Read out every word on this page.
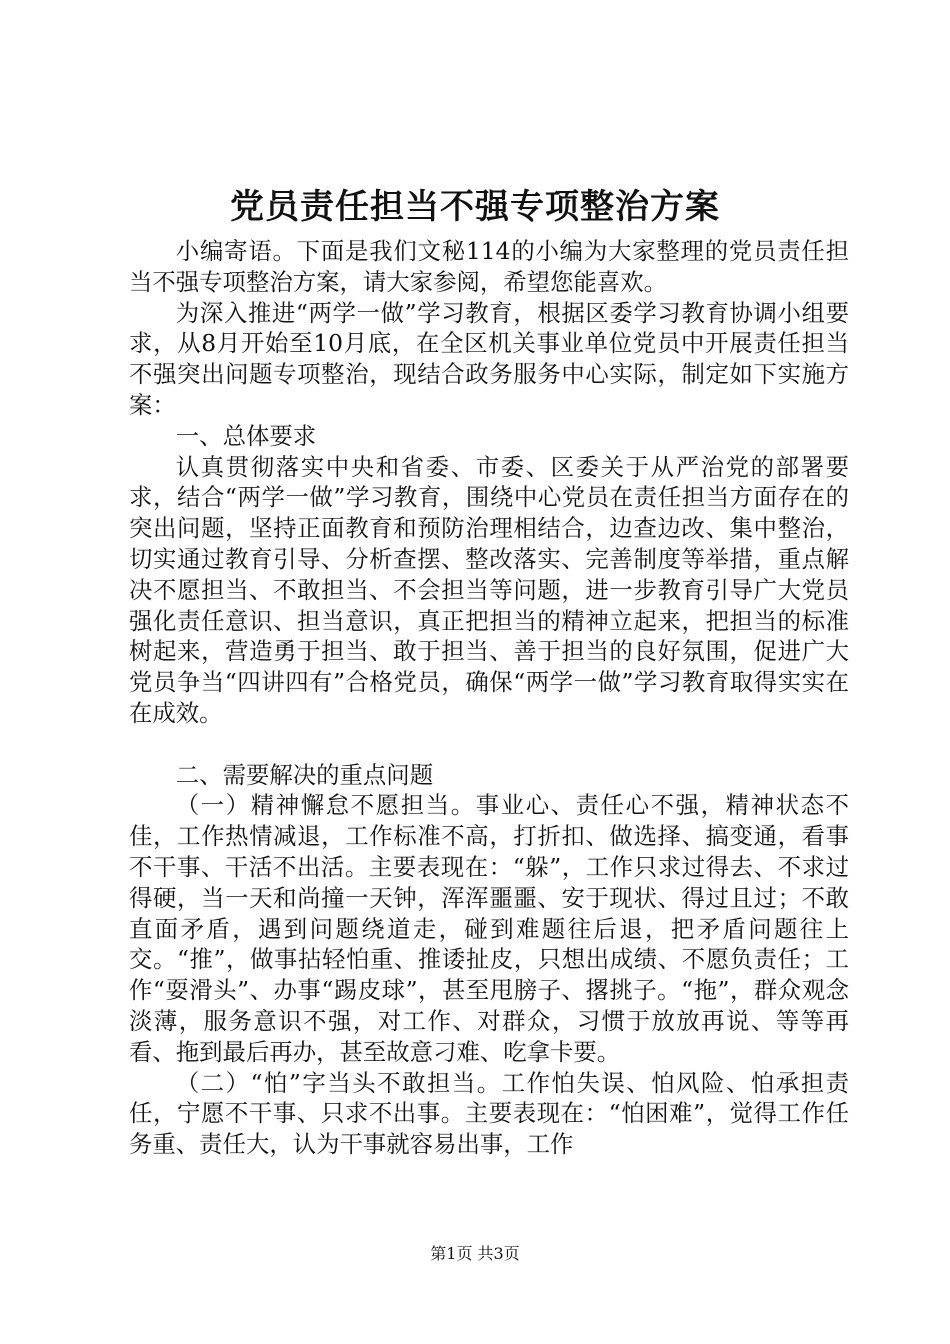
党员责任担当不强专项整治方案

小编寄语。下面是我们文秘114的小编为大家整理的党员责任担当不强专项整治方案，请大家参阅，希望您能喜欢。

为深入推进“两学一做”学习教育，根据区委学习教育协调小组要求，从8月开始至10月底，在全区机关事业单位党员中开展责任担当不强突出问题专项整治，现结合政务服务中心实际，制定如下实施方案：

一、总体要求

认真贯彻落实中央和省委、市委、区委关于从严治党的部署要求，结合“两学一做”学习教育，围绕中心党员在责任担当方面存在的突出问题，坚持正面教育和预防治理相结合，边查边改、集中整治，切实通过教育引导、分析查摆、整改落实、完善制度等举措，重点解决不愿担当、不敢担当、不会担当等问题，进一步教育引导广大党员强化责任意识、担当意识，真正把担当的精神立起来，把担当的标准树起来，营造勇于担当、敢于担当、善于担当的良好氛围，促进广大党员争当“四讲四有”合格党员，确保“两学一做”学习教育取得实实在在成效。

二、需要解决的重点问题

（一）精神懈怠不愿担当。事业心、责任心不强，精神状态不佳，工作热情减退，工作标准不高，打折扣、做选择、搞变通，看事不干事、干活不出活。主要表现在：“躲”，工作只求过得去、不求过得硬，当一天和尚撞一天钟，浑浑噩噩、安于现状、得过且过；不敢直面矛盾，遇到问题绕道走，碰到难题往后退，把矛盾问题往上交。“推”，做事拈轻怕重、推诿扯皮，只想出成绩、不愿负责任；工作“耍滑头”、办事“踢皮球”，甚至甩膀子、撂挑子。“拖”，群众观念淡薄，服务意识不强，对工作、对群众，习惯于放放再说、等等再看、拖到最后再办，甚至故意刁难、吃拿卡要。

（二）“怕”字当头不敢担当。工作怕失误、怕风险、怕承担责任，宁愿不干事、只求不出事。主要表现在：“怕困难”，觉得工作任务重、责任大，认为干事就容易出事，工作

第1页 共3页
